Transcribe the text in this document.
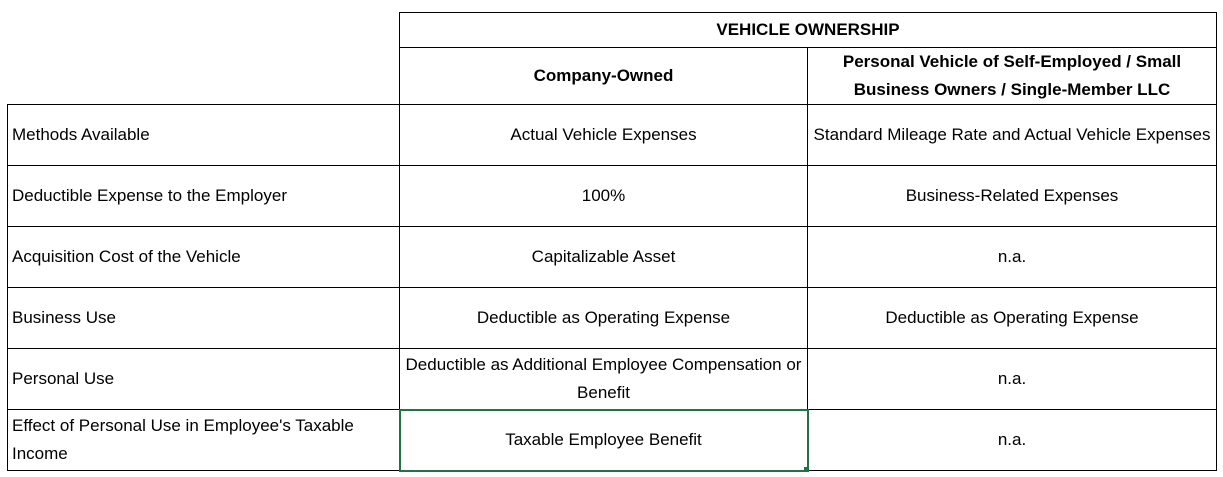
	VEHICLE OWNERSHIP	
	Company-Owned	Personal Vehicle of Self-Employed / Small Business Owners / Single-Member LLC
Methods Available	Actual Vehicle Expenses	Standard Mileage Rate and Actual Vehicle Expenses
Deductible Expense to the Employer	100%	Business-Related Expenses
Acquisition Cost of the Vehicle	Capitalizable Asset	n.a.
Business Use	Deductible as Operating Expense	Deductible as Operating Expense
Personal Use	Deductible as Additional Employee Compensation or Benefit	n.a.
Effect of Personal Use in Employee's Taxable Income	Taxable Employee Benefit	n.a.
